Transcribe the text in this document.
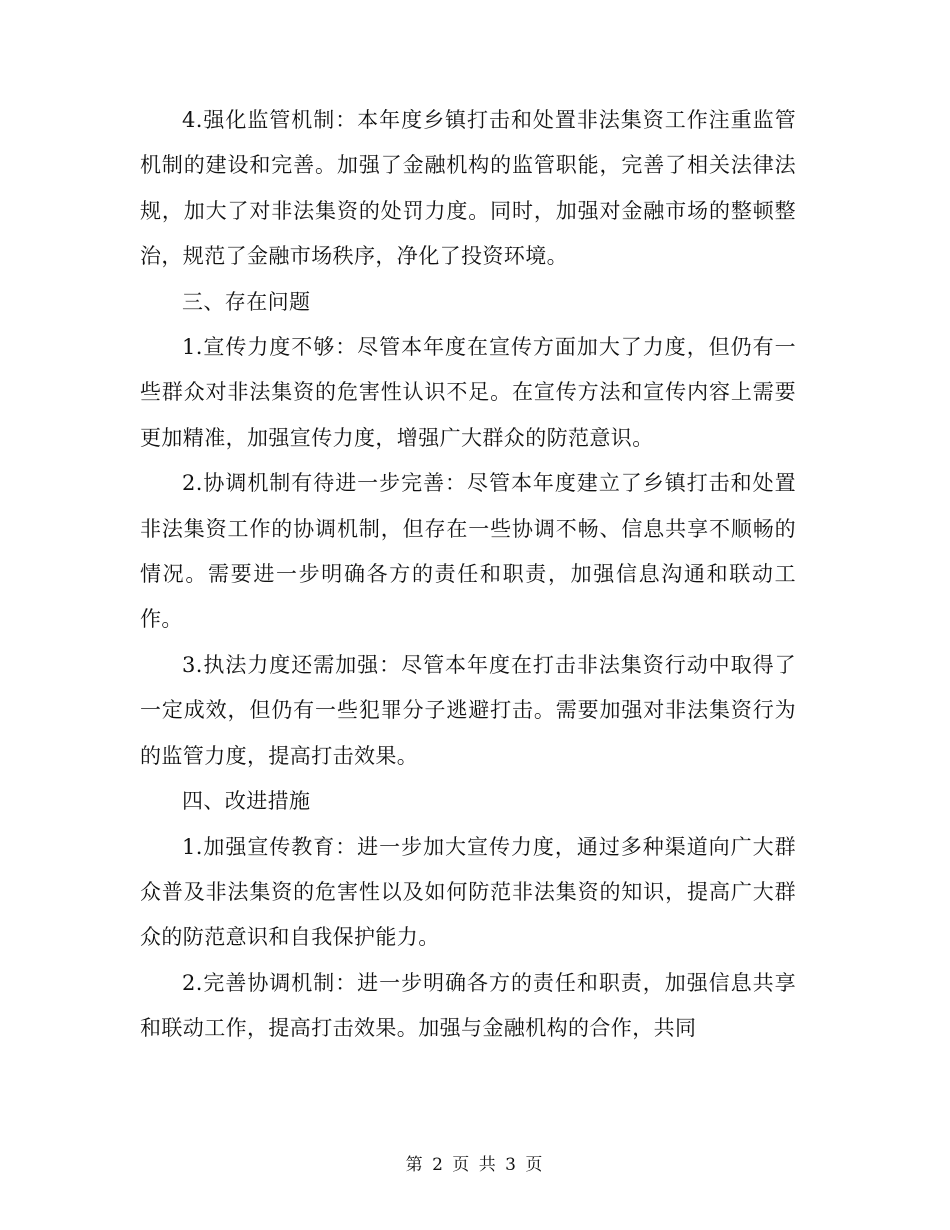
4.强化监管机制：本年度乡镇打击和处置非法集资工作注重监管机制的建设和完善。加强了金融机构的监管职能，完善了相关法律法规，加大了对非法集资的处罚力度。同时，加强对金融市场的整顿整治，规范了金融市场秩序，净化了投资环境。

三、存在问题

1.宣传力度不够：尽管本年度在宣传方面加大了力度，但仍有一些群众对非法集资的危害性认识不足。在宣传方法和宣传内容上需要更加精准，加强宣传力度，增强广大群众的防范意识。

2.协调机制有待进一步完善：尽管本年度建立了乡镇打击和处置非法集资工作的协调机制，但存在一些协调不畅、信息共享不顺畅的情况。需要进一步明确各方的责任和职责，加强信息沟通和联动工作。

3.执法力度还需加强：尽管本年度在打击非法集资行动中取得了一定成效，但仍有一些犯罪分子逃避打击。需要加强对非法集资行为的监管力度，提高打击效果。

四、改进措施

1.加强宣传教育：进一步加大宣传力度，通过多种渠道向广大群众普及非法集资的危害性以及如何防范非法集资的知识，提高广大群众的防范意识和自我保护能力。

2.完善协调机制：进一步明确各方的责任和职责，加强信息共享和联动工作，提高打击效果。加强与金融机构的合作，共同

第 2 页 共 3 页
